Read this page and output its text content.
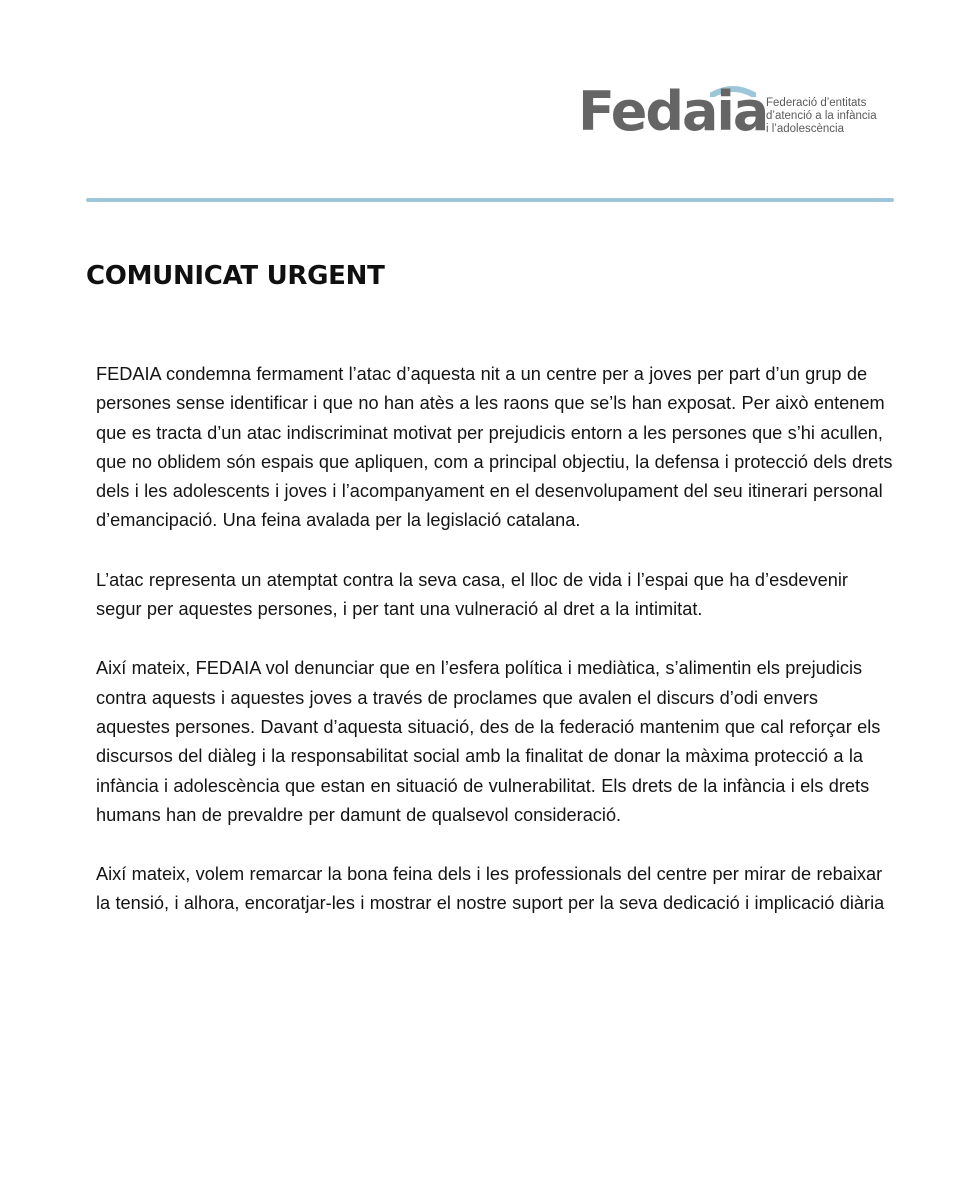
Fedaia
Federació d’entitats
d’atenció a la infància
i l’adolescència
COMUNICAT URGENT

FEDAIA condemna fermament l’atac d’aquesta nit a un centre per a joves per part d’un grup de persones sense identificar i que no han atès a les raons que se’ls han exposat. Per això entenem que es tracta d’un atac indiscriminat motivat per prejudicis entorn a les persones que s’hi acullen, que no oblidem són espais que apliquen, com a principal objectiu, la defensa i protecció dels drets dels i les adolescents i joves i l’acompanyament en el desenvolupament del seu itinerari personal d’emancipació. Una feina avalada per la legislació catalana.

L’atac representa un atemptat contra la seva casa, el lloc de vida i l’espai que ha d’esdevenir segur per aquestes persones, i per tant una vulneració al dret a la intimitat.

Així mateix, FEDAIA vol denunciar que en l’esfera política i mediàtica, s’alimentin els prejudicis contra aquests i aquestes joves a través de proclames que avalen el discurs d’odi envers aquestes persones. Davant d’aquesta situació, des de la federació mantenim que cal reforçar els discursos del diàleg i la responsabilitat social amb la finalitat de donar la màxima protecció a la infància i adolescència que estan en situació de vulnerabilitat. Els drets de la infància i els drets humans han de prevaldre per damunt de qualsevol consideració.

Així mateix, volem remarcar la bona feina dels i les professionals del centre per mirar de rebaixar la tensió, i alhora, encoratjar-les i mostrar el nostre suport per la seva dedicació i implicació diària
